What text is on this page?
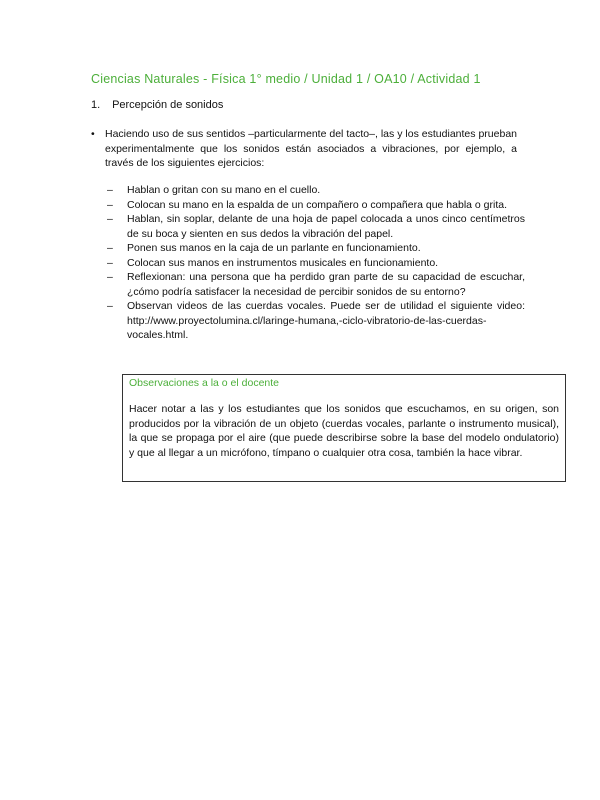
Ciencias Naturales - Física 1° medio / Unidad 1 / OA10 / Actividad 1
1. Percepción de sonidos
• Haciendo uso de sus sentidos –particularmente del tacto–, las y los estudiantes prueban experimentalmente que los sonidos están asociados a vibraciones, por ejemplo, a través de los siguientes ejercicios:
– Hablan o gritan con su mano en el cuello.
– Colocan su mano en la espalda de un compañero o compañera que habla o grita.
– Hablan, sin soplar, delante de una hoja de papel colocada a unos cinco centímetros de su boca y sienten en sus dedos la vibración del papel.
– Ponen sus manos en la caja de un parlante en funcionamiento.
– Colocan sus manos en instrumentos musicales en funcionamiento.
– Reflexionan: una persona que ha perdido gran parte de su capacidad de escuchar, ¿cómo podría satisfacer la necesidad de percibir sonidos de su entorno?
– Observan videos de las cuerdas vocales. Puede ser de utilidad el siguiente video: http://www.proyectolumina.cl/laringe-humana,-ciclo-vibratorio-de-las-cuerdas-vocales.html.
Observaciones a la o el docente
Hacer notar a las y los estudiantes que los sonidos que escuchamos, en su origen, son producidos por la vibración de un objeto (cuerdas vocales, parlante o instrumento musical), la que se propaga por el aire (que puede describirse sobre la base del modelo ondulatorio) y que al llegar a un micrófono, tímpano o cualquier otra cosa, también la hace vibrar.
